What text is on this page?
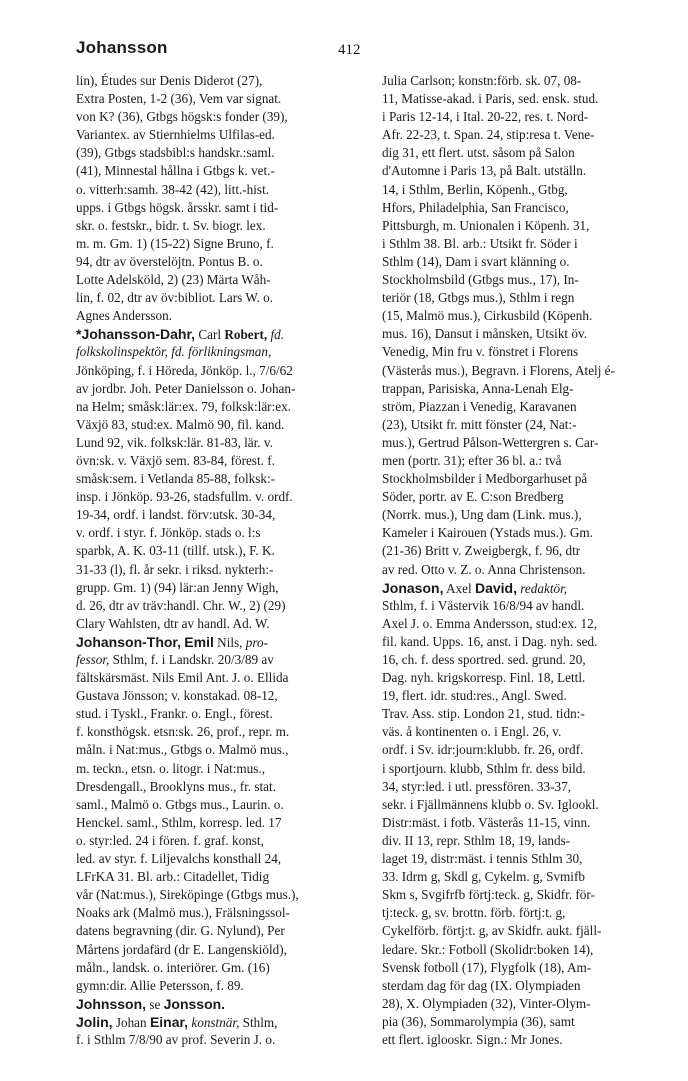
Johansson	412
lin), Études sur Denis Diderot (27),
Extra Posten, 1-2 (36), Vem var signat.
von K? (36), Gtbgs högsk:s fonder (39),
Variantex. av Stiernhielms Ulfilas-ed.
(39), Gtbgs stadsbibl:s handskr.:saml.
(41), Minnestal hållna i Gtbgs k. vet.-
o. vitterh:samh. 38-42 (42), litt.-hist.
upps. i Gtbgs högsk. årsskr. samt i tid-
skr. o. festskr., bidr. t. Sv. biogr. lex.
m. m. Gm. 1) (15-22) Signe Bruno, f.
94, dtr av överstelöjtn. Pontus B. o.
Lotte Adelsköld, 2) (23) Märta Wåh-
lin, f. 02, dtr av öv:bibliot. Lars W. o.
Agnes Andersson.
*Johansson-Dahr, Carl Robert, fd.
folkskolinspektör, fd. förlikningsman,
Jönköping, f. i Höreda, Jönköp. l., 7/6/62
av jordbr. Joh. Peter Danielsson o. Johan-
na Helm; småsk:lär:ex. 79, folksk:lär:ex.
Växjö 83, stud:ex. Malmö 90, fil. kand.
Lund 92, vik. folksk:lär. 81-83, lär. v.
övn:sk. v. Växjö sem. 83-84, förest. f.
småsk:sem. i Vetlanda 85-88, folksk:-
insp. i Jönköp. 93-26, stadsfullm. v. ordf.
19-34, ordf. i landst. förv:utsk. 30-34,
v. ordf. i styr. f. Jönköp. stads o. l:s
sparbk, A. K. 03-11 (tillf. utsk.), F. K.
31-33 (l), fl. år sekr. i riksd. nykterh:-
grupp. Gm. 1) (94) lär:an Jenny Wigh,
d. 26, dtr av träv:handl. Chr. W., 2) (29)
Clary Wahlsten, dtr av handl. Ad. W.
Johanson-Thor, Emil Nils, pro-
fessor, Sthlm, f. i Landskr. 20/3/89 av
fältskärsmäst. Nils Emil Ant. J. o. Ellida
Gustava Jönsson; v. konstakad. 08-12,
stud. i Tyskl., Frankr. o. Engl., förest.
f. konsthögsk. etsn:sk. 26, prof., repr. m.
måln. i Nat:mus., Gtbgs o. Malmö mus.,
m. teckn., etsn. o. litogr. i Nat:mus.,
Dresdengall., Brooklyns mus., fr. stat.
saml., Malmö o. Gtbgs mus., Laurin. o.
Henckel. saml., Sthlm, korresp. led. 17
o. styr:led. 24 i fören. f. graf. konst,
led. av styr. f. Liljevalchs konsthall 24,
LFrKA 31. Bl. arb.: Citadellet, Tidig
vår (Nat:mus.), Sireköpinge (Gtbgs mus.),
Noaks ark (Malmö mus.), Frälsningssol-
datens begravning (dir. G. Nylund), Per
Mårtens jordafärd (dr E. Langenskiöld),
måln., landsk. o. interiörer. Gm. (16)
gymn:dir. Allie Petersson, f. 89.
Johnsson, se Jonsson.
Jolin, Johan Einar, konstnär, Sthlm,
f. i Sthlm 7/8/90 av prof. Severin J. o.
Julia Carlson; konstn:förb. sk. 07, 08-
11, Matisse-akad. i Paris, sed. ensk. stud.
i Paris 12-14, i Ital. 20-22, res. t. Nord-
Afr. 22-23, t. Span. 24, stip:resa t. Vene-
dig 31, ett flert. utst. såsom på Salon
d'Automne i Paris 13, på Balt. utställn.
14, i Sthlm, Berlin, Köpenh., Gtbg,
Hfors, Philadelphia, San Francisco,
Pittsburgh, m. Unionalen i Köpenh. 31,
i Sthlm 38. Bl. arb.: Utsikt fr. Söder i
Sthlm (14), Dam i svart klänning o.
Stockholmsbild (Gtbgs mus., 17), In-
teriör (18, Gtbgs mus.), Sthlm i regn
(15, Malmö mus.), Cirkusbild (Köpenh.
mus. 16), Dansut i månsken, Utsikt öv.
Venedig, Min fru v. fönstret i Florens
(Västerås mus.), Begravn. i Florens, Atelj é-
trappan, Parisiska, Anna-Lenah Elg-
ström, Piazzan i Venedig, Karavanen
(23), Utsikt fr. mitt fönster (24, Nat:-
mus.), Gertrud Pålson-Wettergren s. Car-
men (portr. 31); efter 36 bl. a.: två
Stockholmsbilder i Medborgarhuset på
Söder, portr. av E. C:son Bredberg
(Norrk. mus.), Ung dam (Link. mus.),
Kameler i Kairouen (Ystads mus.). Gm.
(21-36) Britt v. Zweigbergk, f. 96, dtr
av red. Otto v. Z. o. Anna Christenson.
Jonason, Axel David, redaktör,
Sthlm, f. i Västervik 16/8/94 av handl.
Axel J. o. Emma Andersson, stud:ex. 12,
fil. kand. Upps. 16, anst. i Dag. nyh. sed.
16, ch. f. dess sportred. sed. grund. 20,
Dag. nyh. krigskorresp. Finl. 18, Lettl.
19, flert. idr. stud:res., Angl. Swed.
Trav. Ass. stip. London 21, stud. tidn:-
väs. å kontinenten o. i Engl. 26, v.
ordf. i Sv. idr:journ:klubb. fr. 26, ordf.
i sportjourn. klubb, Sthlm fr. dess bild.
34, styr:led. i utl. pressfören. 33-37,
sekr. i Fjällmännens klubb o. Sv. Iglookl.
Distr:mäst. i fotb. Västerås 11-15, vinn.
div. II 13, repr. Sthlm 18, 19, lands-
laget 19, distr:mäst. i tennis Sthlm 30,
33. Idrm g, Skdl g, Cykelm. g, Svmifb
Skm s, Svgifrfb förtj:teck. g, Skidfr. för-
tj:teck. g, sv. brottn. förb. förtj:t. g,
Cykelförb. förtj:t. g, av Skidfr. aukt. fjäll-
ledare. Skr.: Fotboll (Skolidr:boken 14),
Svensk fotboll (17), Flygfolk (18), Am-
sterdam dag för dag (IX. Olympiaden
28), X. Olympiaden (32), Vinter-Olym-
pia (36), Sommarolympia (36), samt
ett flert. iglooskr. Sign.: Mr Jones.
